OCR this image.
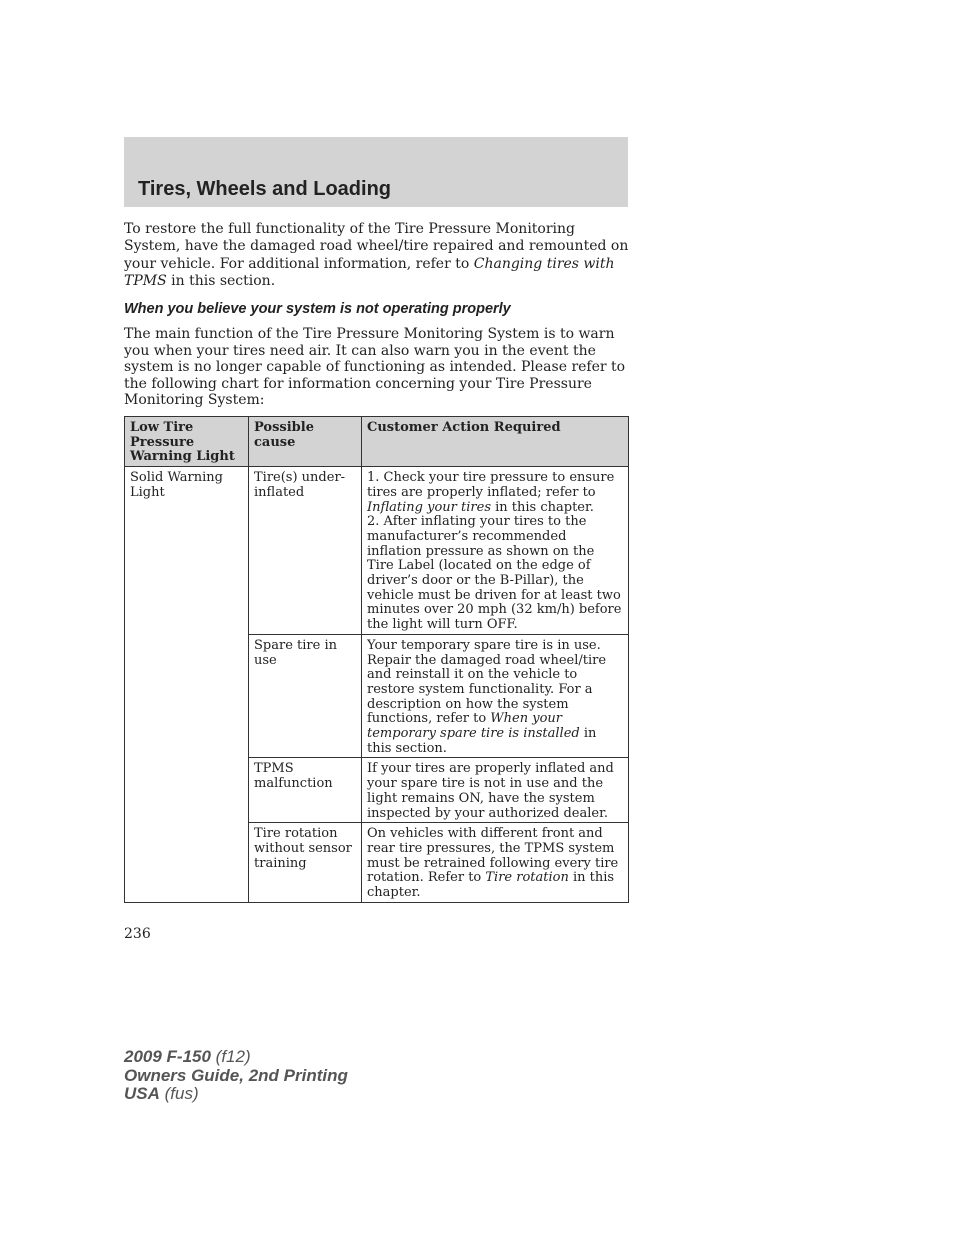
Tires, Wheels and Loading

To restore the full functionality of the Tire Pressure Monitoring System, have the damaged road wheel/tire repaired and remounted on your vehicle. For additional information, refer to Changing tires with TPMS in this section.

When you believe your system is not operating properly

The main function of the Tire Pressure Monitoring System is to warn you when your tires need air. It can also warn you in the event the system is no longer capable of functioning as intended. Please refer to the following chart for information concerning your Tire Pressure Monitoring System:

Low Tire Pressure Warning Light	Possible cause	Customer Action Required
Solid Warning Light	Tire(s) under-inflated	1. Check your tire pressure to ensure tires are properly inflated; refer to Inflating your tires in this chapter.
2. After inflating your tires to the manufacturer’s recommended inflation pressure as shown on the Tire Label (located on the edge of driver’s door or the B-Pillar), the vehicle must be driven for at least two minutes over 20 mph (32 km/h) before the light will turn OFF.
	Spare tire in use	Your temporary spare tire is in use. Repair the damaged road wheel/tire and reinstall it on the vehicle to restore system functionality. For a description on how the system functions, refer to When your temporary spare tire is installed in this section.
	TPMS malfunction	If your tires are properly inflated and your spare tire is not in use and the light remains ON, have the system inspected by your authorized dealer.
	Tire rotation without sensor training	On vehicles with different front and rear tire pressures, the TPMS system must be retrained following every tire rotation. Refer to Tire rotation in this chapter.

236

2009 F-150 (f12)
Owners Guide, 2nd Printing
USA (fus)
